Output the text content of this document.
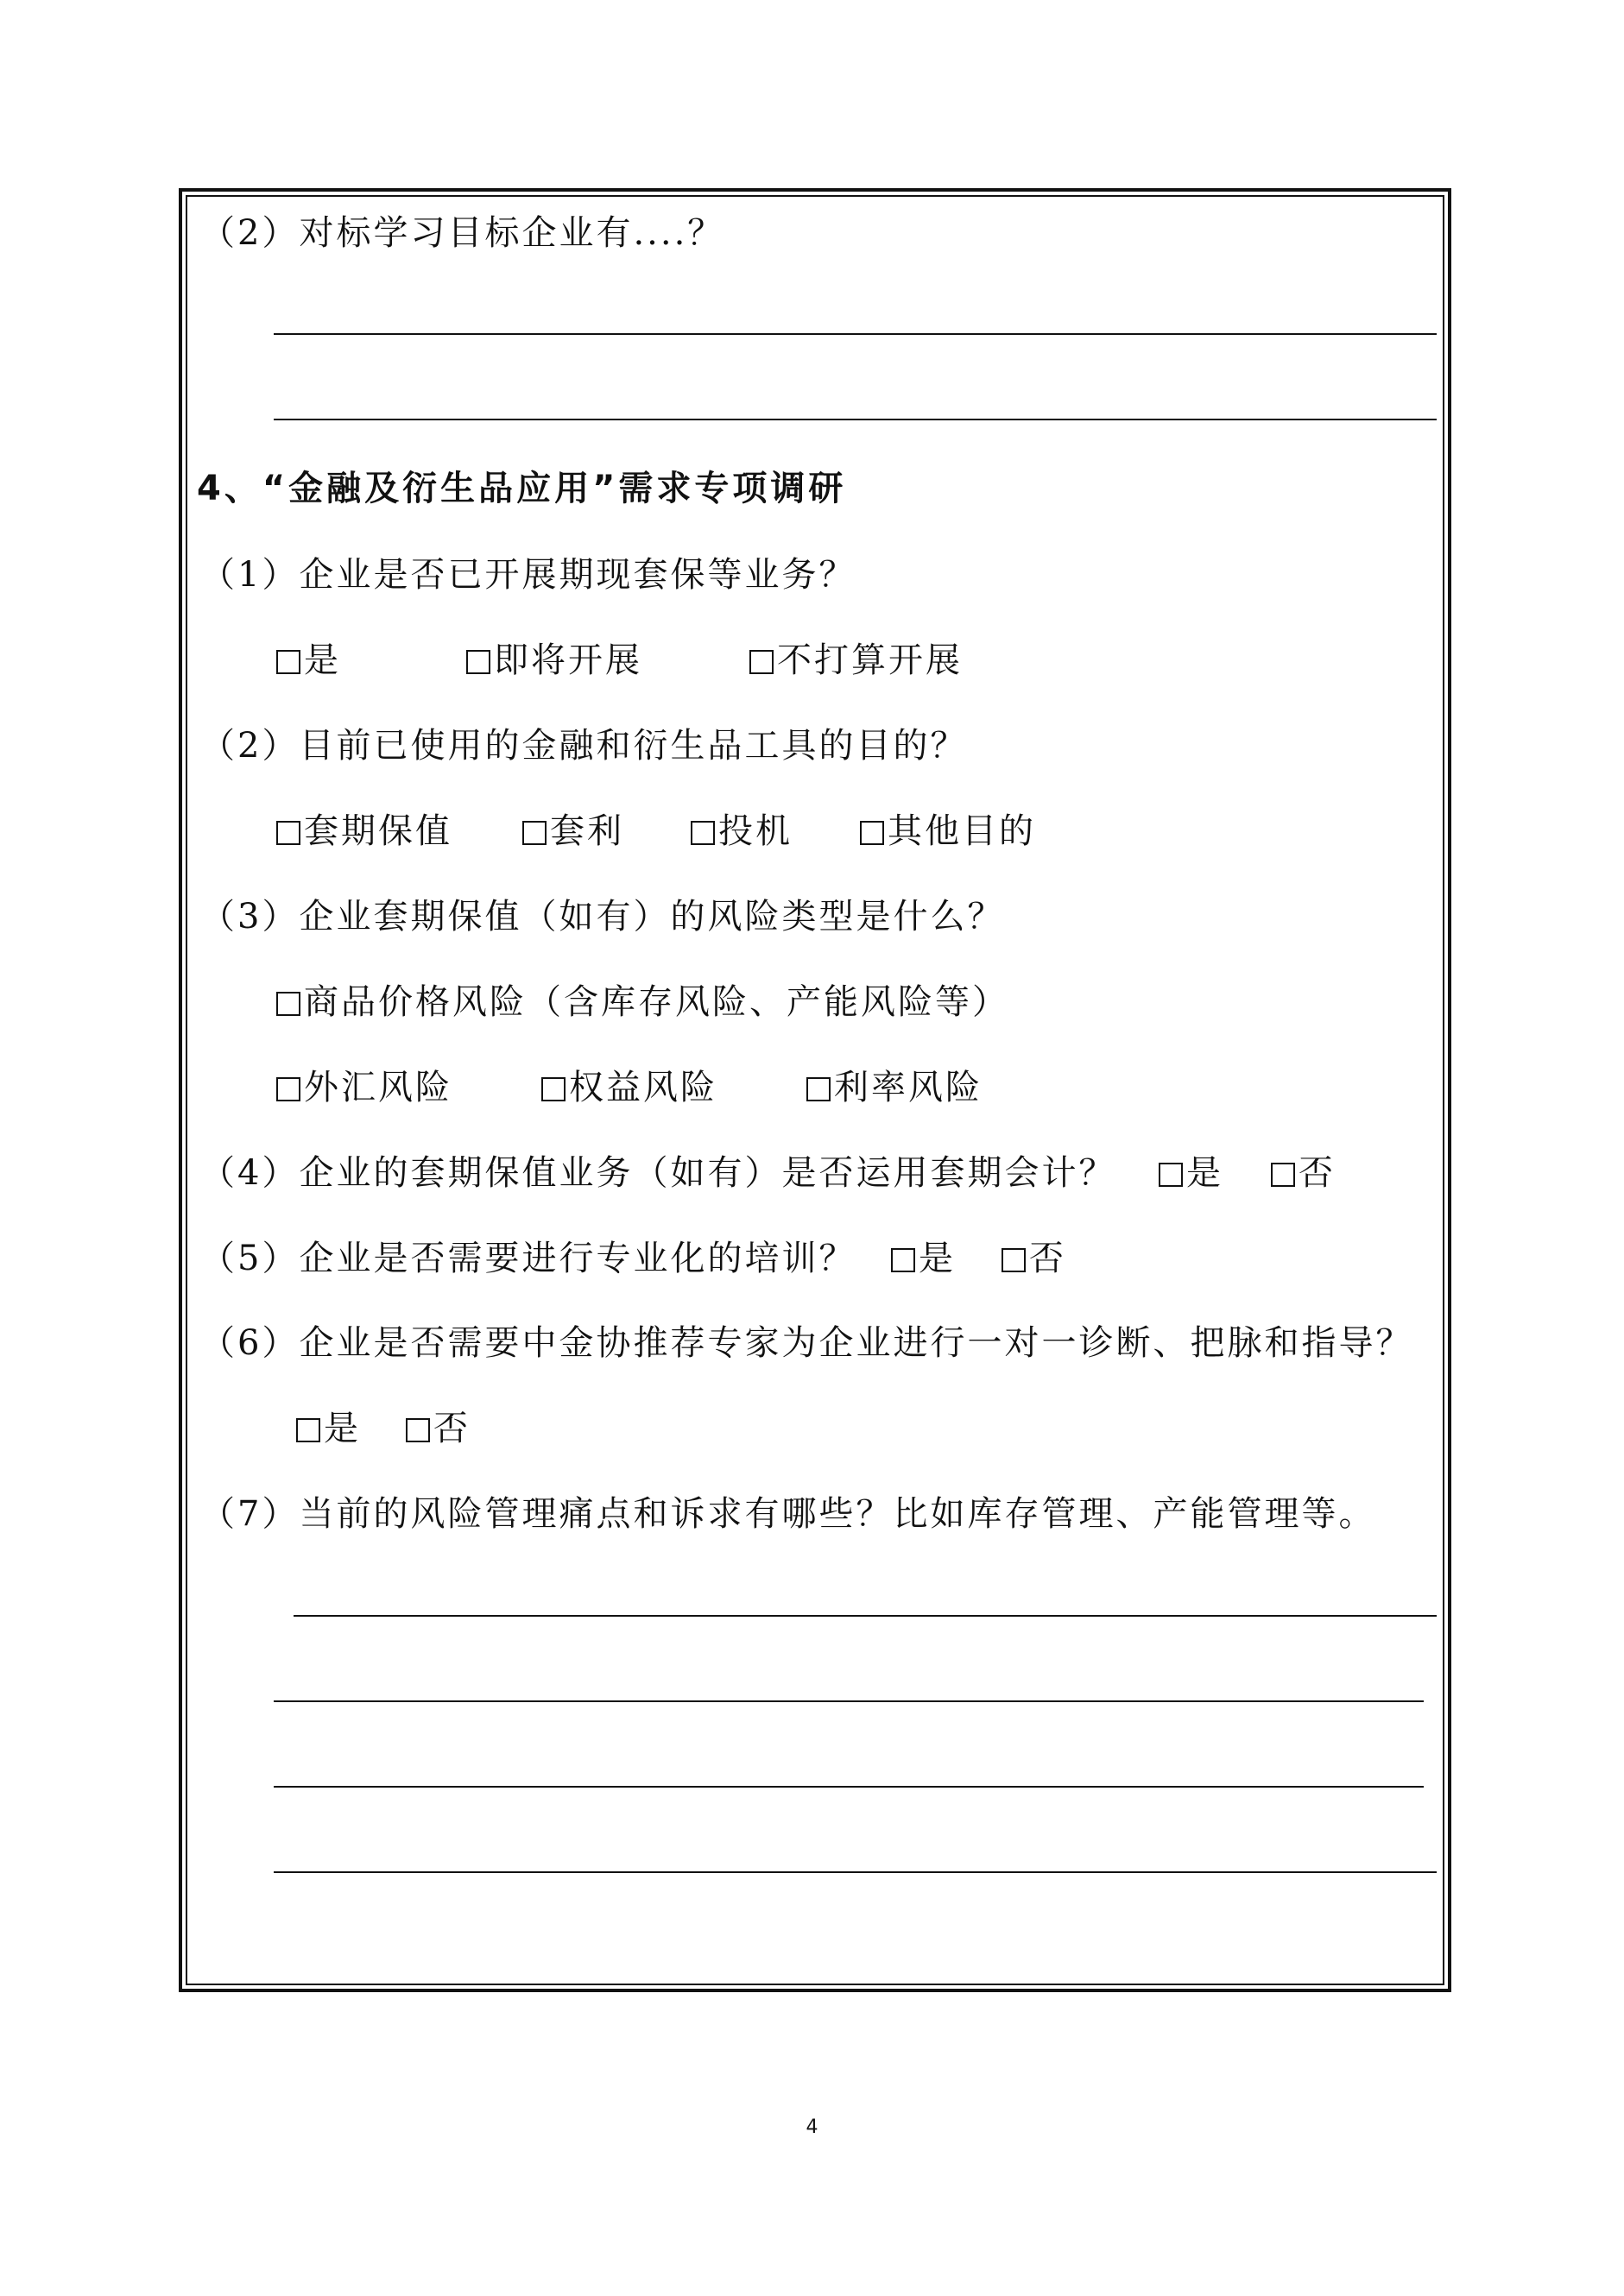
（2）对标学习目标企业有....？
4、“金融及衍生品应用”需求专项调研
（1）企业是否已开展期现套保等业务？
是	即将开展	不打算开展
（2）目前已使用的金融和衍生品工具的目的？
套期保值	套利	投机	其他目的
（3）企业套期保值（如有）的风险类型是什么？
商品价格风险（含库存风险、产能风险等）
外汇风险	权益风险	利率风险
（4）企业的套期保值业务（如有）是否运用套期会计？	是	否
（5）企业是否需要进行专业化的培训？	是	否
（6）企业是否需要中金协推荐专家为企业进行一对一诊断、把脉和指导？
是	否
（7）当前的风险管理痛点和诉求有哪些？比如库存管理、产能管理等。
4
